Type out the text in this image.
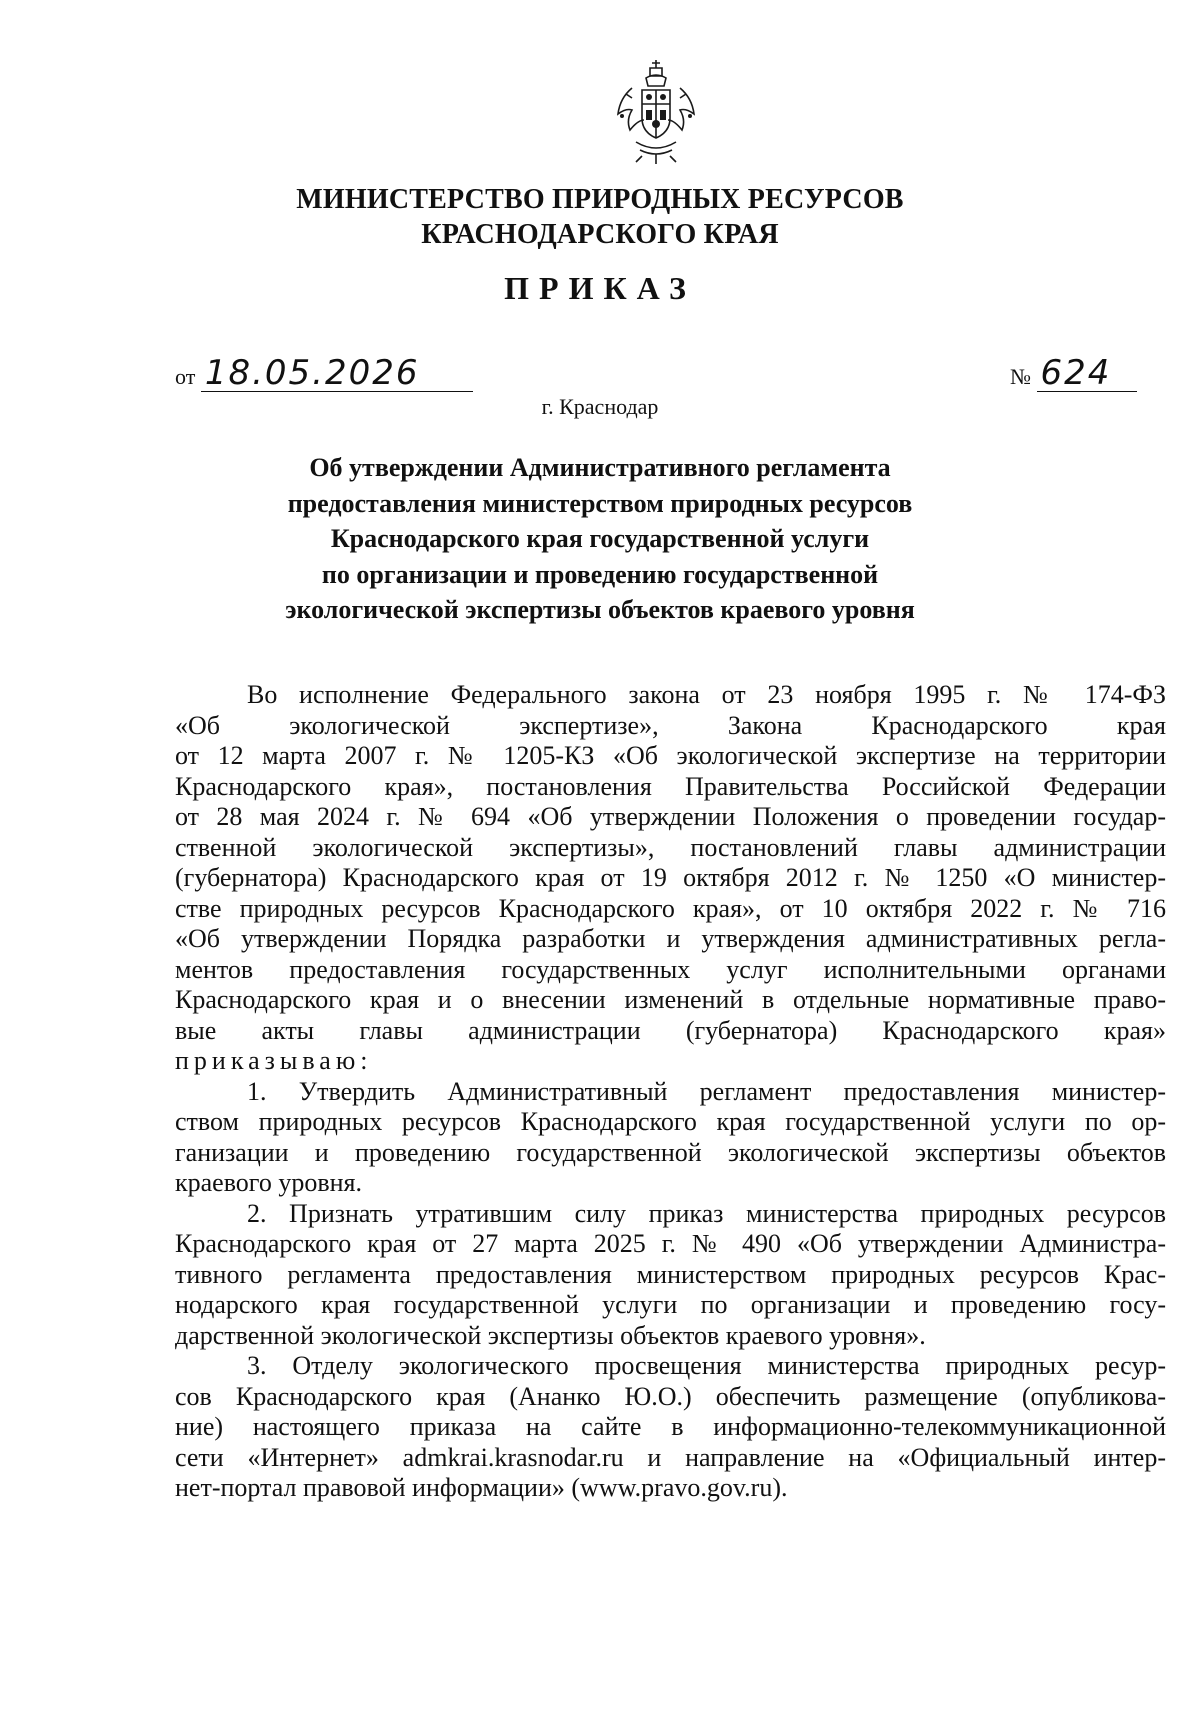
МИНИСТЕРСТВО ПРИРОДНЫХ РЕСУРСОВ
КРАСНОДАРСКОГО КРАЯ
ПРИКАЗ
от 18.05.2026	№ 624
г. Краснодар
Об утверждении Административного регламента
предоставления министерством природных ресурсов
Краснодарского края государственной услуги
по организации и проведению государственной
экологической экспертизы объектов краевого уровня
Во исполнение Федерального закона от 23 ноября 1995 г. № 174-ФЗ
«Об экологической экспертизе», Закона Краснодарского края
от 12 марта 2007 г. № 1205-КЗ «Об экологической экспертизе на территории
Краснодарского края», постановления Правительства Российской Федерации
от 28 мая 2024 г. № 694 «Об утверждении Положения о проведении государ-
ственной экологической экспертизы», постановлений главы администрации
(губернатора) Краснодарского края от 19 октября 2012 г. № 1250 «О министер-
стве природных ресурсов Краснодарского края», от 10 октября 2022 г. № 716
«Об утверждении Порядка разработки и утверждения административных регла-
ментов предоставления государственных услуг исполнительными органами
Краснодарского края и о внесении изменений в отдельные нормативные право-
вые акты главы администрации (губернатора) Краснодарского края»
приказываю:
1. Утвердить Административный регламент предоставления министер-
ством природных ресурсов Краснодарского края государственной услуги по ор-
ганизации и проведению государственной экологической экспертизы объектов
краевого уровня.
2. Признать утратившим силу приказ министерства природных ресурсов
Краснодарского края от 27 марта 2025 г. № 490 «Об утверждении Администра-
тивного регламента предоставления министерством природных ресурсов Крас-
нодарского края государственной услуги по организации и проведению госу-
дарственной экологической экспертизы объектов краевого уровня».
3. Отделу экологического просвещения министерства природных ресур-
сов Краснодарского края (Ананко Ю.О.) обеспечить размещение (опубликова-
ние) настоящего приказа на сайте в информационно-телекоммуникационной
сети «Интернет» admkrai.krasnodar.ru и направление на «Официальный интер-
нет-портал правовой информации» (www.pravo.gov.ru).
